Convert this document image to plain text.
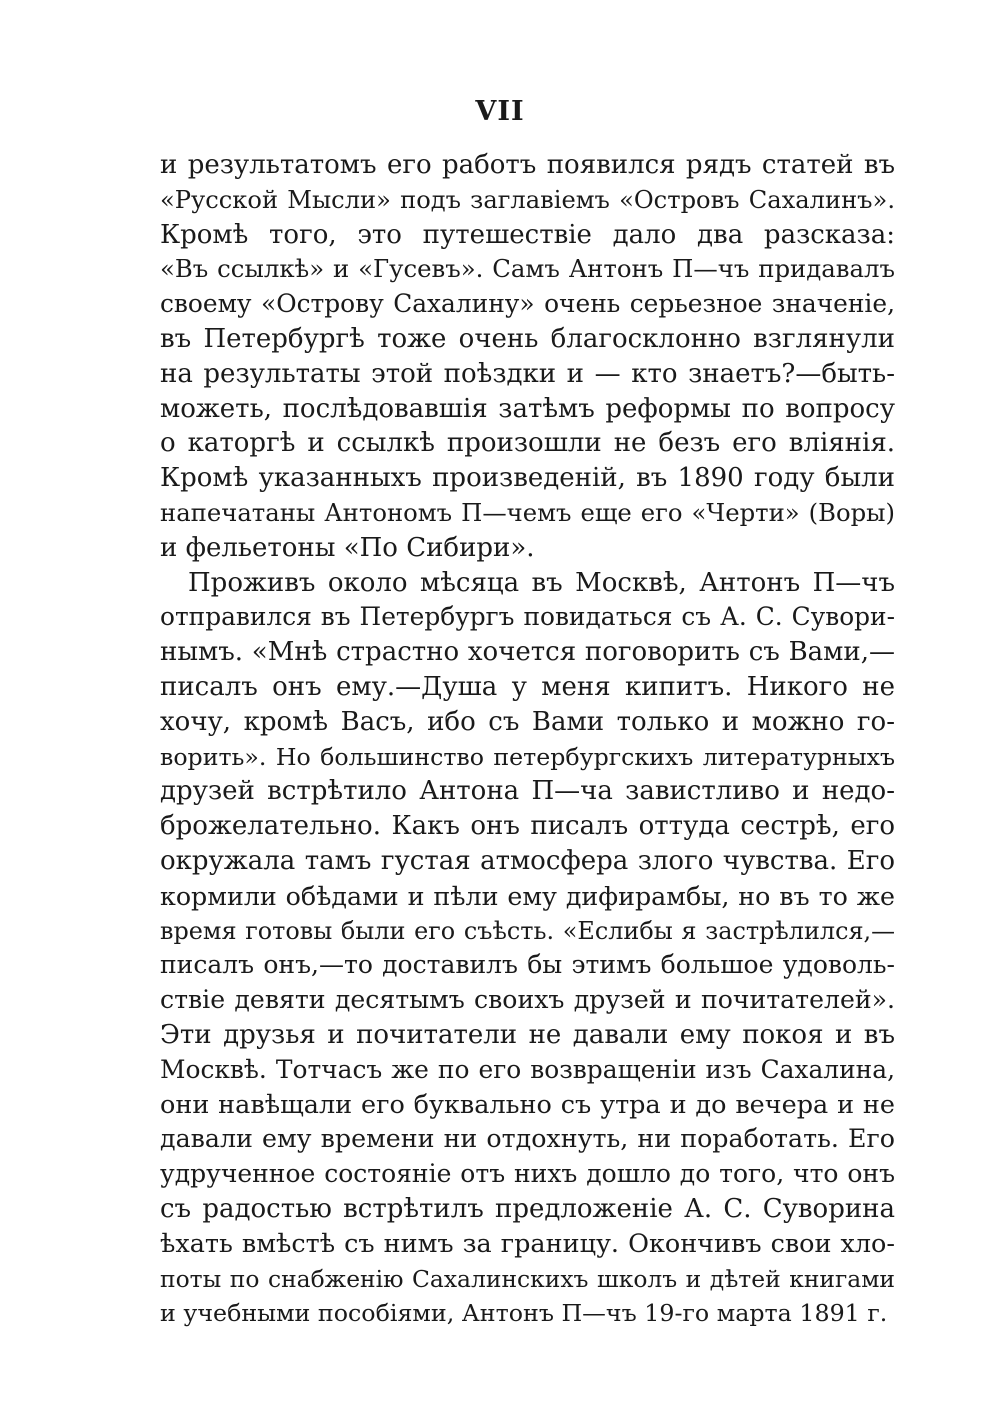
VII
и результатомъ его работъ появился рядъ статей въ
«Русской Мысли» подъ заглавіемъ «Островъ Сахалинъ».
Кромѣ того, это путешествіе дало два разсказа:
«Въ ссылкѣ» и «Гусевъ». Самъ Антонъ П—чъ придавалъ
своему «Острову Сахалину» очень серьезное значеніе,
въ Петербургѣ тоже очень благосклонно взглянули
на результаты этой поѣздки и — кто знаетъ?—быть-
можеть, послѣдовавшія затѣмъ реформы по вопросу
о каторгѣ и ссылкѣ произошли не безъ его вліянія.
Кромѣ указанныхъ произведеній, въ 1890 году были
напечатаны Антономъ П—чемъ еще его «Черти» (Воры)
и фельетоны «По Сибири».
Проживъ около мѣсяца въ Москвѣ, Антонъ П—чъ
отправился въ Петербургъ повидаться съ А. С. Сувори-
нымъ. «Мнѣ страстно хочется поговорить съ Вами,—
писалъ онъ ему.—Душа у меня кипитъ. Никого не
хочу, кромѣ Васъ, ибо съ Вами только и можно го-
ворить». Но большинство петербургскихъ литературныхъ
друзей встрѣтило Антона П—ча завистливо и недо-
брожелательно. Какъ онъ писалъ оттуда сестрѣ, его
окружала тамъ густая атмосфера злого чувства. Его
кормили обѣдами и пѣли ему дифирамбы, но въ то же
время готовы были его съѣсть. «Еслибы я застрѣлился,—
писалъ онъ,—то доставилъ бы этимъ большое удоволь-
ствіе девяти десятымъ своихъ друзей и почитателей».
Эти друзья и почитатели не давали ему покоя и въ
Москвѣ. Тотчасъ же по его возвращеніи изъ Сахалина,
они навѣщали его буквально съ утра и до вечера и не
давали ему времени ни отдохнуть, ни поработать. Его
удрученное состояніе отъ нихъ дошло до того, что онъ
съ радостью встрѣтилъ предложеніе А. С. Суворина
ѣхать вмѣстѣ съ нимъ за границу. Окончивъ свои хло-
поты по снабженію Сахалинскихъ школъ и дѣтей книгами
и учебными пособіями, Антонъ П—чъ 19-го марта 1891 г.
